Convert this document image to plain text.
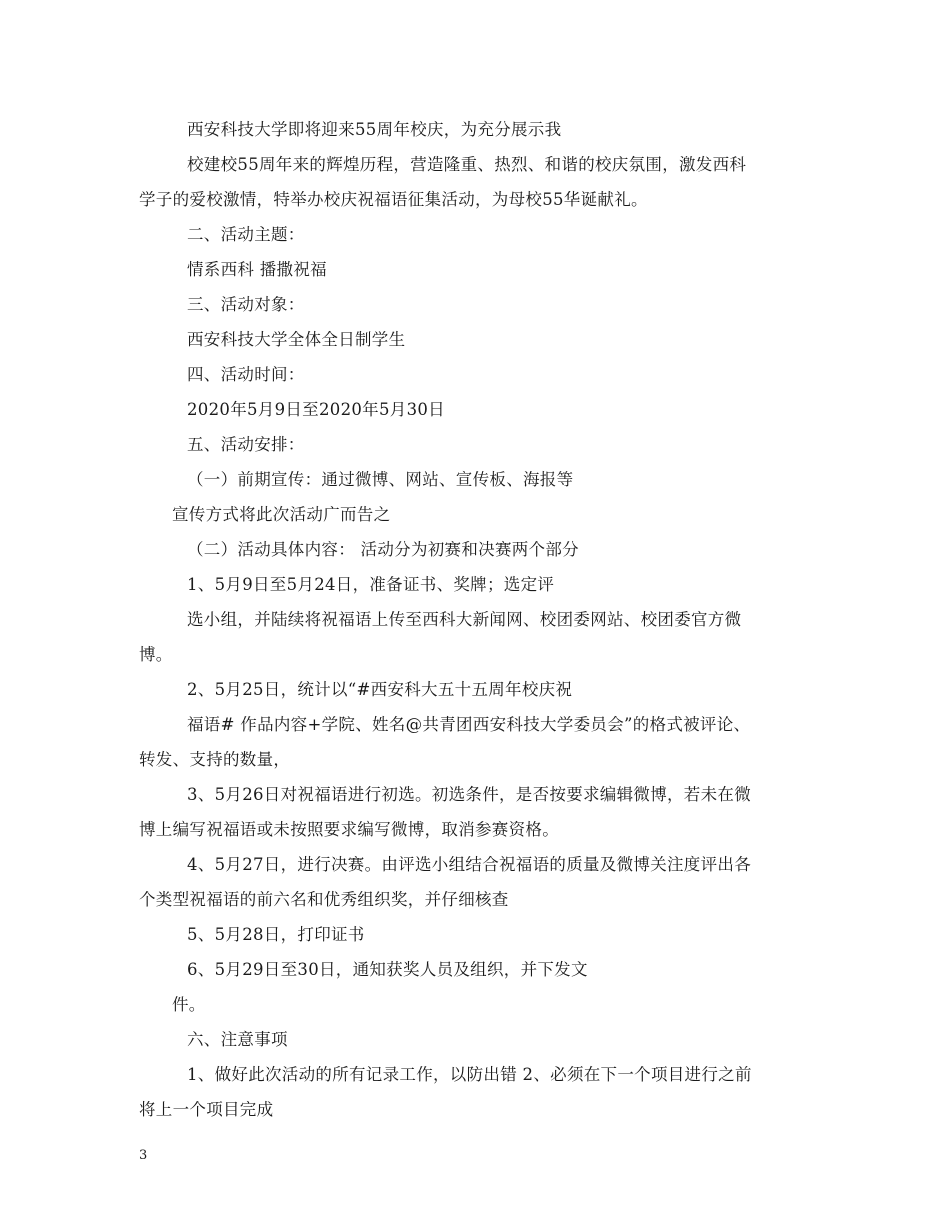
西安科技大学即将迎来55周年校庆，为充分展示我
校建校55周年来的辉煌历程，营造隆重、热烈、和谐的校庆氛围，激发西科
学子的爱校激情，特举办校庆祝福语征集活动，为母校55华诞献礼。
二、活动主题：
情系西科 播撒祝福
三、活动对象：
西安科技大学全体全日制学生
四、活动时间：
2020年5月9日至2020年5月30日
五、活动安排：
（一）前期宣传：通过微博、网站、宣传板、海报等
宣传方式将此次活动广而告之
（二）活动具体内容： 活动分为初赛和决赛两个部分
1、5月9日至5月24日，准备证书、奖牌；选定评
选小组，并陆续将祝福语上传至西科大新闻网、校团委网站、校团委官方微
博。
2、5月25日，统计以“#西安科大五十五周年校庆祝
福语# 作品内容+学院、姓名@共青团西安科技大学委员会”的格式被评论、
转发、支持的数量，
3、5月26日对祝福语进行初选。初选条件，是否按要求编辑微博，若未在微
博上编写祝福语或未按照要求编写微博，取消参赛资格。
4、5月27日，进行决赛。由评选小组结合祝福语的质量及微博关注度评出各
个类型祝福语的前六名和优秀组织奖，并仔细核查
5、5月28日，打印证书
6、5月29日至30日，通知获奖人员及组织，并下发文
件。
六、注意事项
1、做好此次活动的所有记录工作，以防出错 2、必须在下一个项目进行之前
将上一个项目完成
3
